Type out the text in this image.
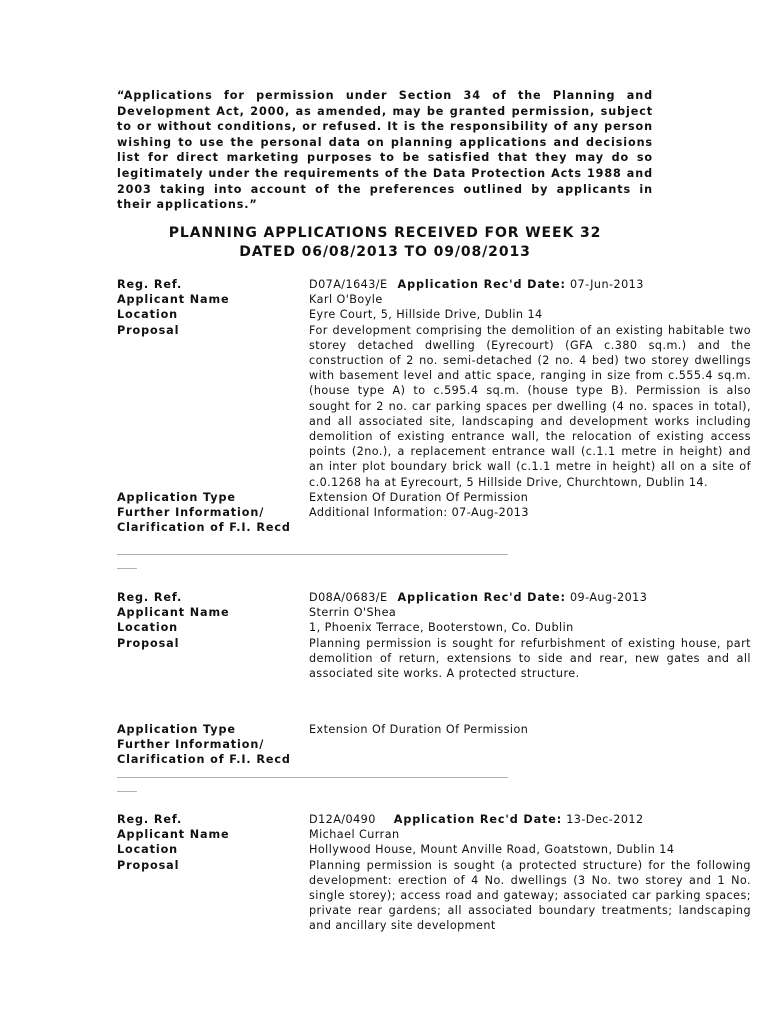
“Applications for permission under Section 34 of the Planning and Development Act, 2000, as amended, may be granted permission, subject to or without conditions, or refused. It is the responsibility of any person wishing to use the personal data on planning applications and decisions list for direct marketing purposes to be satisfied that they may do so legitimately under the requirements of the Data Protection Acts 1988 and 2003 taking into account of the preferences outlined by applicants in their applications.”

PLANNING APPLICATIONS RECEIVED FOR WEEK 32
DATED 06/08/2013 TO 09/08/2013
Reg. Ref.	D07A/1643/E Application Rec'd Date: 07-Jun-2013
Applicant Name	Karl O'Boyle
Location	Eyre Court, 5, Hillside Drive, Dublin 14
Proposal	For development comprising the demolition of an existing habitable two storey detached dwelling (Eyrecourt) (GFA c.380 sq.m.) and the construction of 2 no. semi-detached (2 no. 4 bed) two storey dwellings with basement level and attic space, ranging in size from c.555.4 sq.m. (house type A) to c.595.4 sq.m. (house type B). Permission is also sought for 2 no. car parking spaces per dwelling (4 no. spaces in total), and all associated site, landscaping and development works including demolition of existing entrance wall, the relocation of existing access points (2no.), a replacement entrance wall (c.1.1 metre in height) and an inter plot boundary brick wall (c.1.1 metre in height) all on a site of c.0.1268 ha at Eyrecourt, 5 Hillside Drive, Churchtown, Dublin 14.
Application Type	Extension Of Duration Of Permission
Further Information/	Additional Information: 07-Aug-2013
Clarification of F.I. Recd
___________________________________________________________
___
Reg. Ref.	D08A/0683/E Application Rec'd Date: 09-Aug-2013
Applicant Name	Sterrin O'Shea
Location	1, Phoenix Terrace, Booterstown, Co. Dublin
Proposal	Planning permission is sought for refurbishment of existing house, part demolition of return, extensions to side and rear, new gates and all associated site works. A protected structure.
Application Type	Extension Of Duration Of Permission
Further Information/
Clarification of F.I. Recd
___________________________________________________________
___
Reg. Ref.	D12A/0490 Application Rec'd Date: 13-Dec-2012
Applicant Name	Michael Curran
Location	Hollywood House, Mount Anville Road, Goatstown, Dublin 14
Proposal	Planning permission is sought (a protected structure) for the following development: erection of 4 No. dwellings (3 No. two storey and 1 No. single storey); access road and gateway; associated car parking spaces; private rear gardens; all associated boundary treatments; landscaping and ancillary site development
